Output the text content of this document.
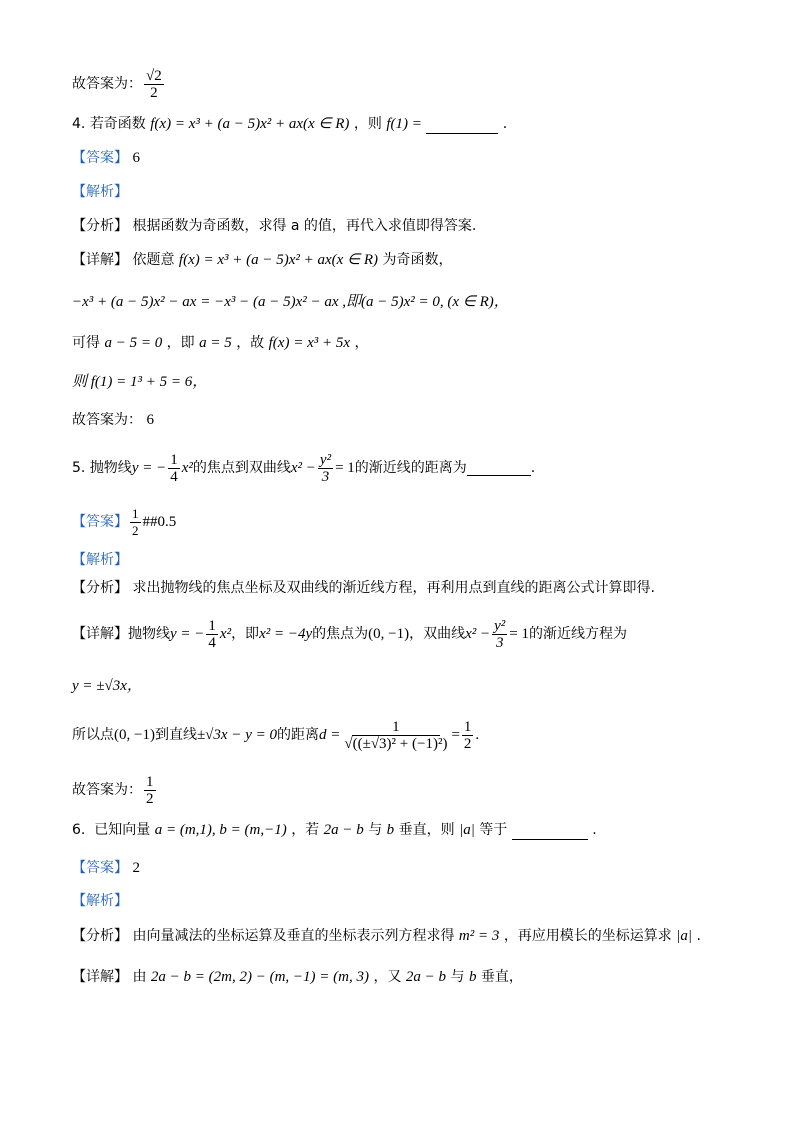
故答案为： $\frac{√2}{2}$
4. 若奇函数 f(x) = x³ + (a − 5)x² + ax(x ∈ R) ，则 f(1) =	.
【答案】 6
【解析】
【分析】 根据函数为奇函数，求得 a 的值，再代入求值即得答案.
【详解】 依题意 f(x) = x³ + (a − 5)x² + ax(x ∈ R) 为奇函数，
−x³ + (a − 5)x² − ax = −x³ − (a − 5)x² − ax ,即(a − 5)x² = 0, (x ∈ R)，
可得 a − 5 = 0 ，即 a = 5 ，故 f(x) = x³ + 5x ，
则 f(1) = 1³ + 5 = 6，
故答案为： 6
5.
抛物线 y = − $\frac{1}{4} x^2$ 的焦点到双曲线 $x^2 - \frac{\text{y²}}{3} = 1$ 的渐近线的距离为	.
【答案】 $\frac{1}{2}$ ##0.5
【解析】
【分析】 求出抛物线的焦点坐标及双曲线的渐近线方程，再利用点到直线的距离公式计算即得.
【详解】 抛物线 y = − $\frac{1}{4} x^2$ ，即 x² = −4y 的焦点为 (0, −1) ，双曲线 $x^2 - \frac{\text{y²}}{3} = 1$ 的渐近线方程为
y = ±√3x，
所以点 (0, −1) 到直线 ±√3x − y = 0 的距离 $d = \frac{1}{\text{√((±√3)² + (−1)²)}} = \frac{1}{2}$ .
故答案为： $\frac{1}{2}$
6. 已知向量 a = (m,1), b = (m,−1) ，若 2a − b 与 b 垂直，则 |a| 等于	.
【答案】 2
【解析】
【分析】 由向量减法的坐标运算及垂直的坐标表示列方程求得 m² = 3 ，再应用模长的坐标运算求 |a| .
【详解】 由 2a − b = (2m, 2) − (m, −1) = (m, 3) ，又 2a − b 与 b 垂直，
